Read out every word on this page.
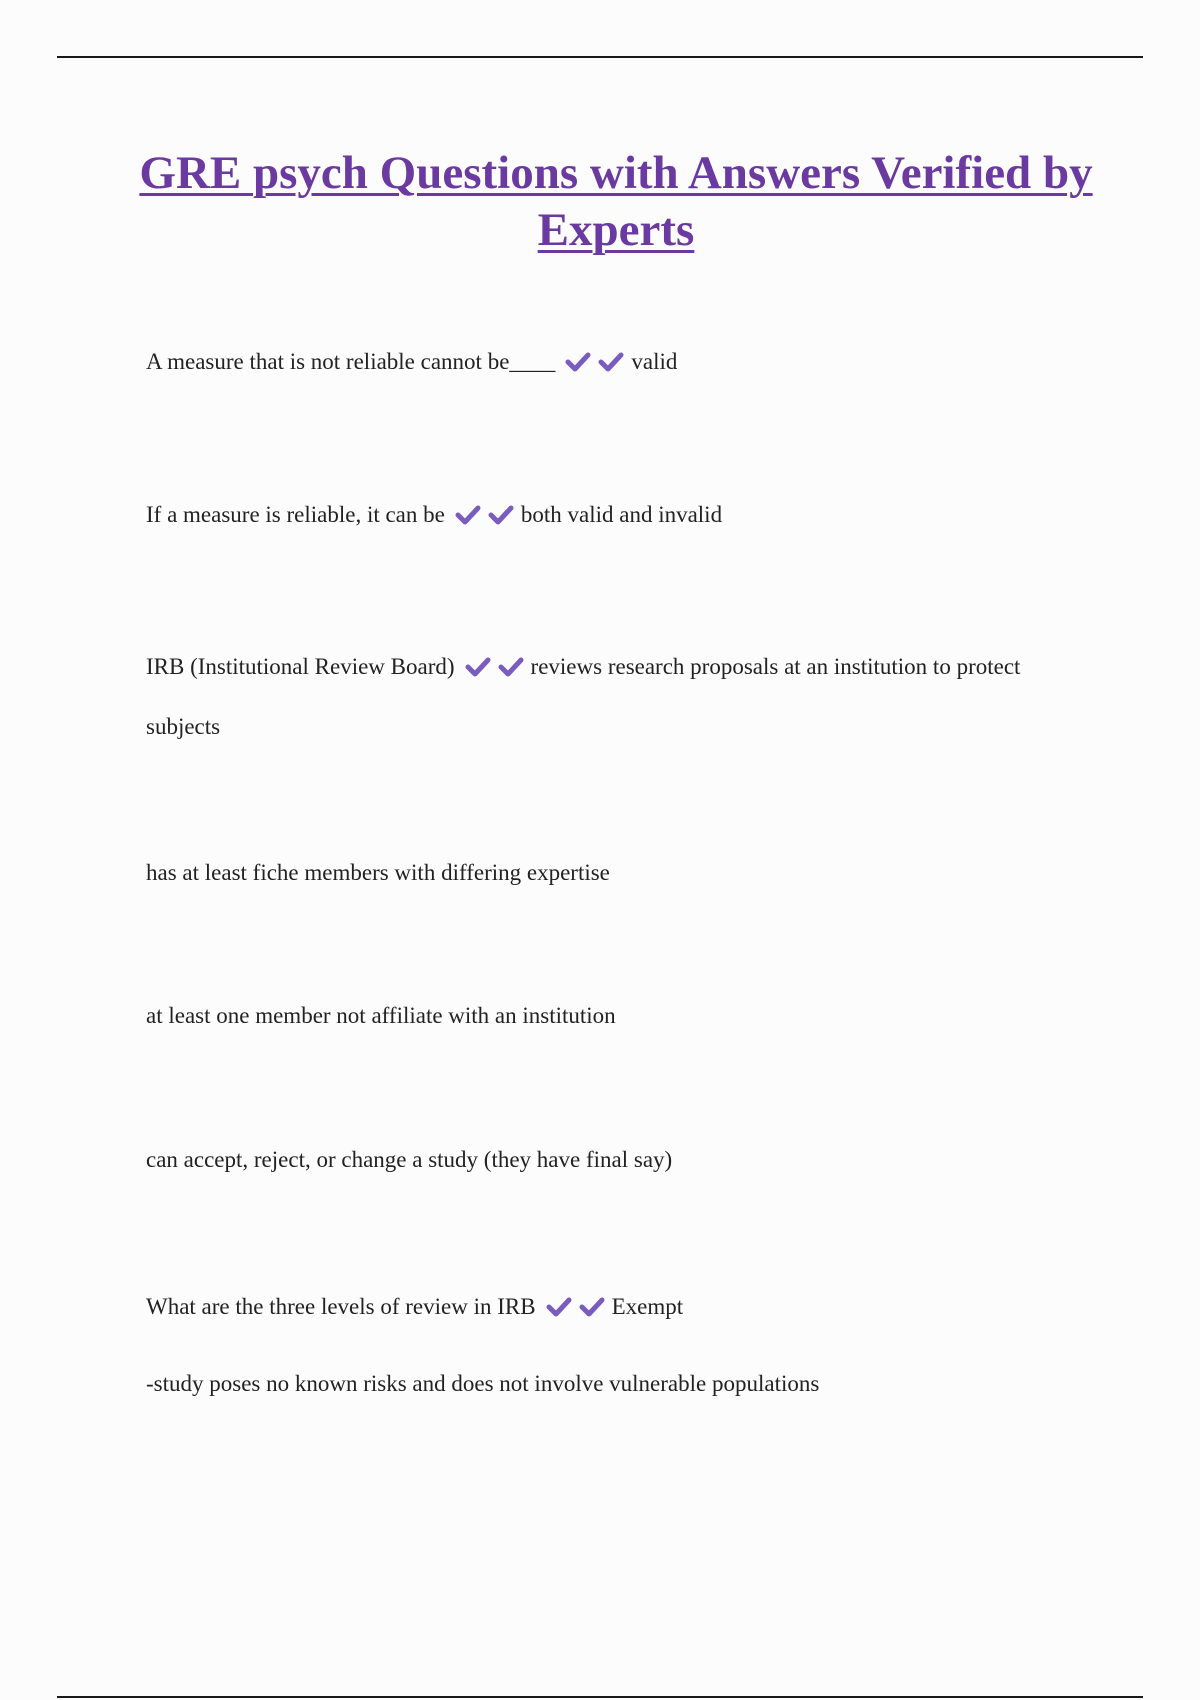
GRE psych Questions with Answers Verified by Experts

A measure that is not reliable cannot be____	valid

If a measure is reliable, it can be	both valid and invalid

IRB (Institutional Review Board)	reviews research proposals at an institution to protect

subjects

has at least fiche members with differing expertise

at least one member not affiliate with an institution

can accept, reject, or change a study (they have final say)

What are the three levels of review in IRB	Exempt

-study poses no known risks and does not involve vulnerable populations
